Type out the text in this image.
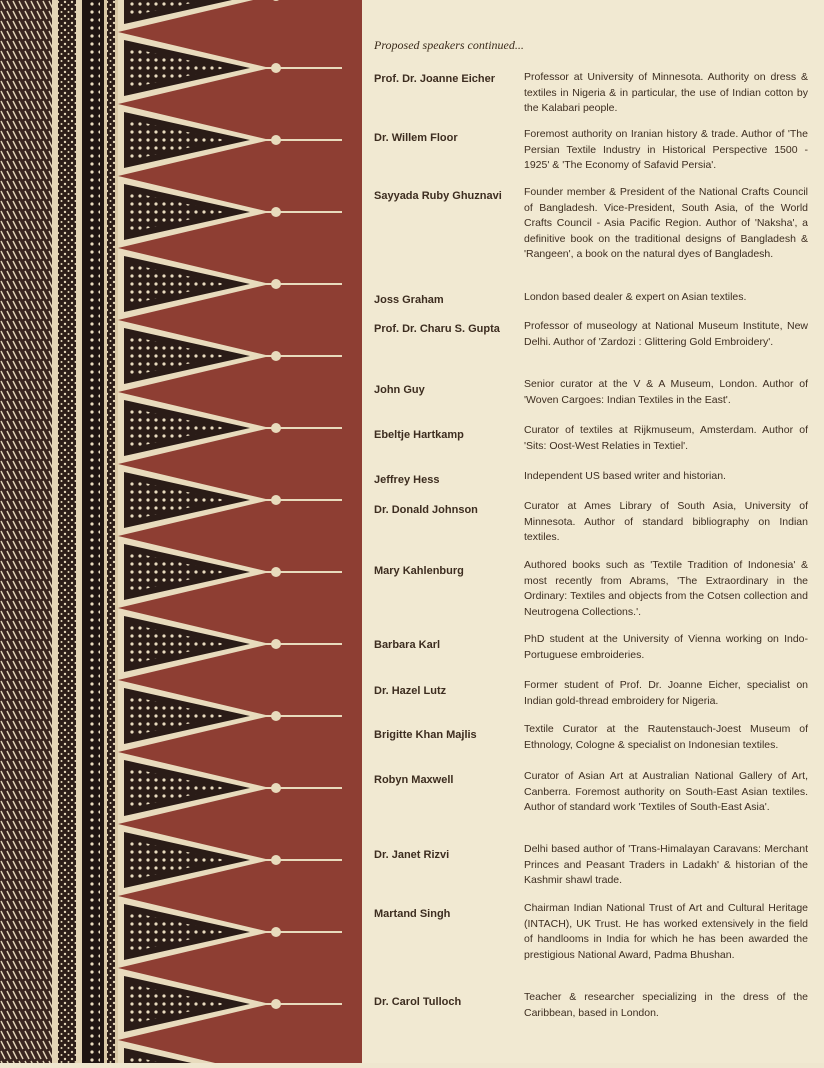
Proposed speakers continued...
Prof. Dr. Joanne Eicher	Professor at University of Minnesota. Authority on dress & textiles in Nigeria & in particular, the use of Indian cotton by the Kalabari people.
Dr. Willem Floor	Foremost authority on Iranian history & trade. Author of 'The Persian Textile Industry in Historical Perspective 1500 - 1925' & 'The Economy of Safavid Persia'.
Sayyada Ruby Ghuznavi	Founder member & President of the National Crafts Council of Bangladesh. Vice-President, South Asia, of the World Crafts Council - Asia Pacific Region. Author of 'Naksha', a definitive book on the traditional designs of Bangladesh & 'Rangeen', a book on the natural dyes of Bangladesh.
Joss Graham	London based dealer & expert on Asian textiles.
Prof. Dr. Charu S. Gupta	Professor of museology at National Museum Institute, New Delhi. Author of 'Zardozi : Glittering Gold Embroidery'.
John Guy	Senior curator at the V & A Museum, London. Author of 'Woven Cargoes: Indian Textiles in the East'.
Ebeltje Hartkamp	Curator of textiles at Rijkmuseum, Amsterdam. Author of 'Sits: Oost-West Relaties in Textiel'.
Jeffrey Hess	Independent US based writer and historian.
Dr. Donald Johnson	Curator at Ames Library of South Asia, University of Minnesota. Author of standard bibliography on Indian textiles.
Mary Kahlenburg	Authored books such as 'Textile Tradition of Indonesia' & most recently from Abrams, 'The Extraordinary in the Ordinary: Textiles and objects from the Cotsen collection and Neutrogena Collections.'.
Barbara Karl	PhD student at the University of Vienna working on Indo-Portuguese embroideries.
Dr. Hazel Lutz	Former student of Prof. Dr. Joanne Eicher, specialist on Indian gold-thread embroidery for Nigeria.
Brigitte Khan Majlis	Textile Curator at the Rautenstauch-Joest Museum of Ethnology, Cologne & specialist on Indonesian textiles.
Robyn Maxwell	Curator of Asian Art at Australian National Gallery of Art, Canberra. Foremost authority on South-East Asian textiles. Author of standard work 'Textiles of South-East Asia'.
Dr. Janet Rizvi	Delhi based author of 'Trans-Himalayan Caravans: Merchant Princes and Peasant Traders in Ladakh' & historian of the Kashmir shawl trade.
Martand Singh	Chairman Indian National Trust of Art and Cultural Heritage (INTACH), UK Trust. He has worked extensively in the field of handlooms in India for which he has been awarded the prestigious National Award, Padma Bhushan.
Dr. Carol Tulloch	Teacher & researcher specializing in the dress of the Caribbean, based in London.
